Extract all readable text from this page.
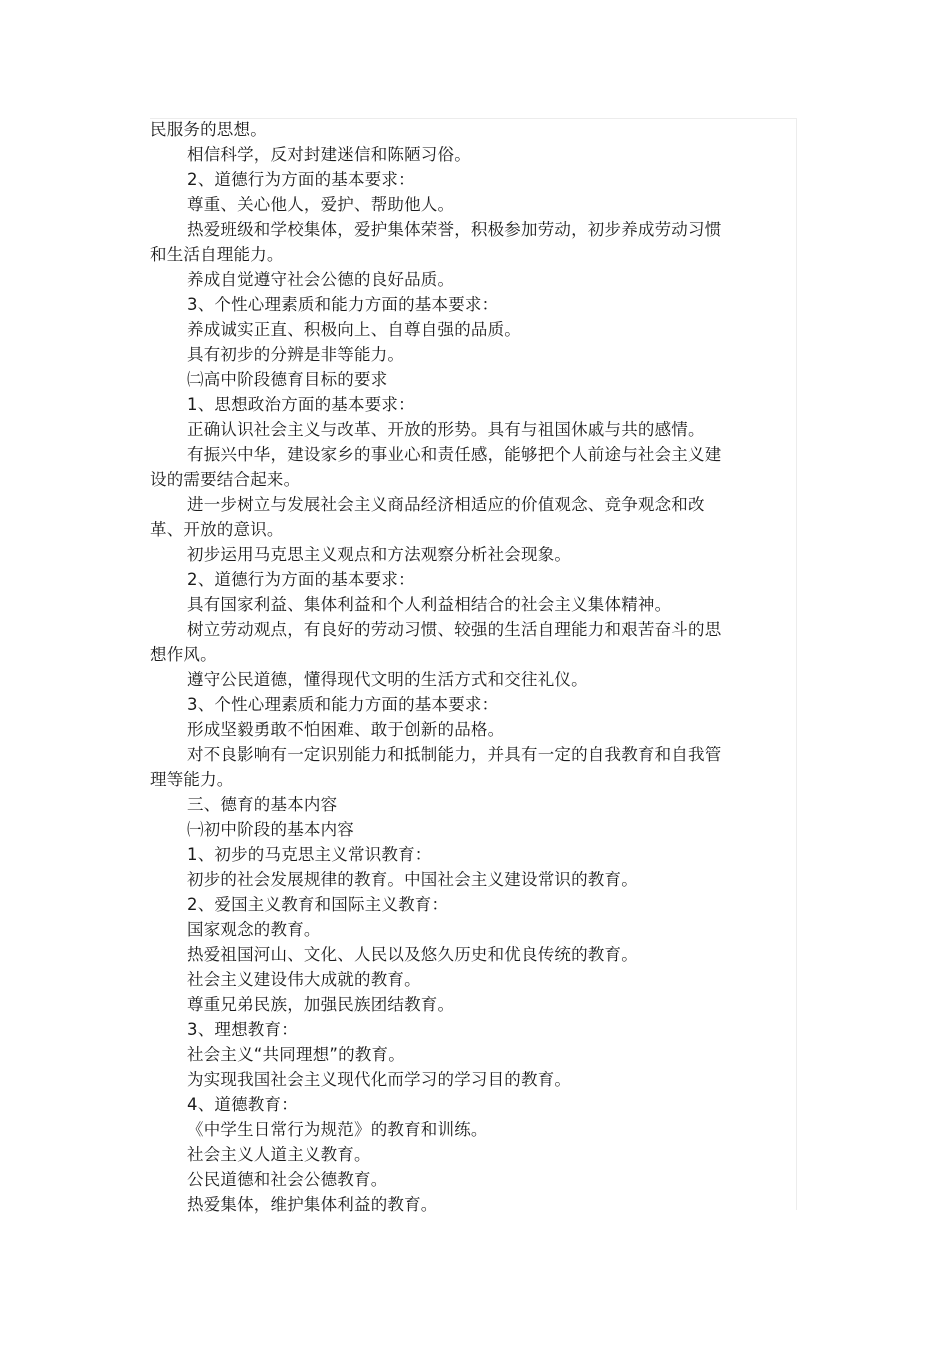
民服务的思想。
相信科学，反对封建迷信和陈陋习俗。
2、道德行为方面的基本要求：
尊重、关心他人，爱护、帮助他人。
热爱班级和学校集体，爱护集体荣誉，积极参加劳动，初步养成劳动习惯
和生活自理能力。
养成自觉遵守社会公德的良好品质。
3、个性心理素质和能力方面的基本要求：
养成诚实正直、积极向上、自尊自强的品质。
具有初步的分辨是非等能力。
㈡高中阶段德育目标的要求
1、思想政治方面的基本要求：
正确认识社会主义与改革、开放的形势。具有与祖国休戚与共的感情。
有振兴中华，建设家乡的事业心和责任感，能够把个人前途与社会主义建
设的需要结合起来。
进一步树立与发展社会主义商品经济相适应的价值观念、竞争观念和改
革、开放的意识。
初步运用马克思主义观点和方法观察分析社会现象。
2、道德行为方面的基本要求：
具有国家利益、集体利益和个人利益相结合的社会主义集体精神。
树立劳动观点，有良好的劳动习惯、较强的生活自理能力和艰苦奋斗的思
想作风。
遵守公民道德，懂得现代文明的生活方式和交往礼仪。
3、个性心理素质和能力方面的基本要求：
形成坚毅勇敢不怕困难、敢于创新的品格。
对不良影响有一定识别能力和抵制能力，并具有一定的自我教育和自我管
理等能力。
三、德育的基本内容
㈠初中阶段的基本内容
1、初步的马克思主义常识教育：
初步的社会发展规律的教育。中国社会主义建设常识的教育。
2、爱国主义教育和国际主义教育：
国家观念的教育。
热爱祖国河山、文化、人民以及悠久历史和优良传统的教育。
社会主义建设伟大成就的教育。
尊重兄弟民族，加强民族团结教育。
3、理想教育：
社会主义“共同理想”的教育。
为实现我国社会主义现代化而学习的学习目的教育。
4、道德教育：
《中学生日常行为规范》的教育和训练。
社会主义人道主义教育。
公民道德和社会公德教育。
热爱集体，维护集体利益的教育。
